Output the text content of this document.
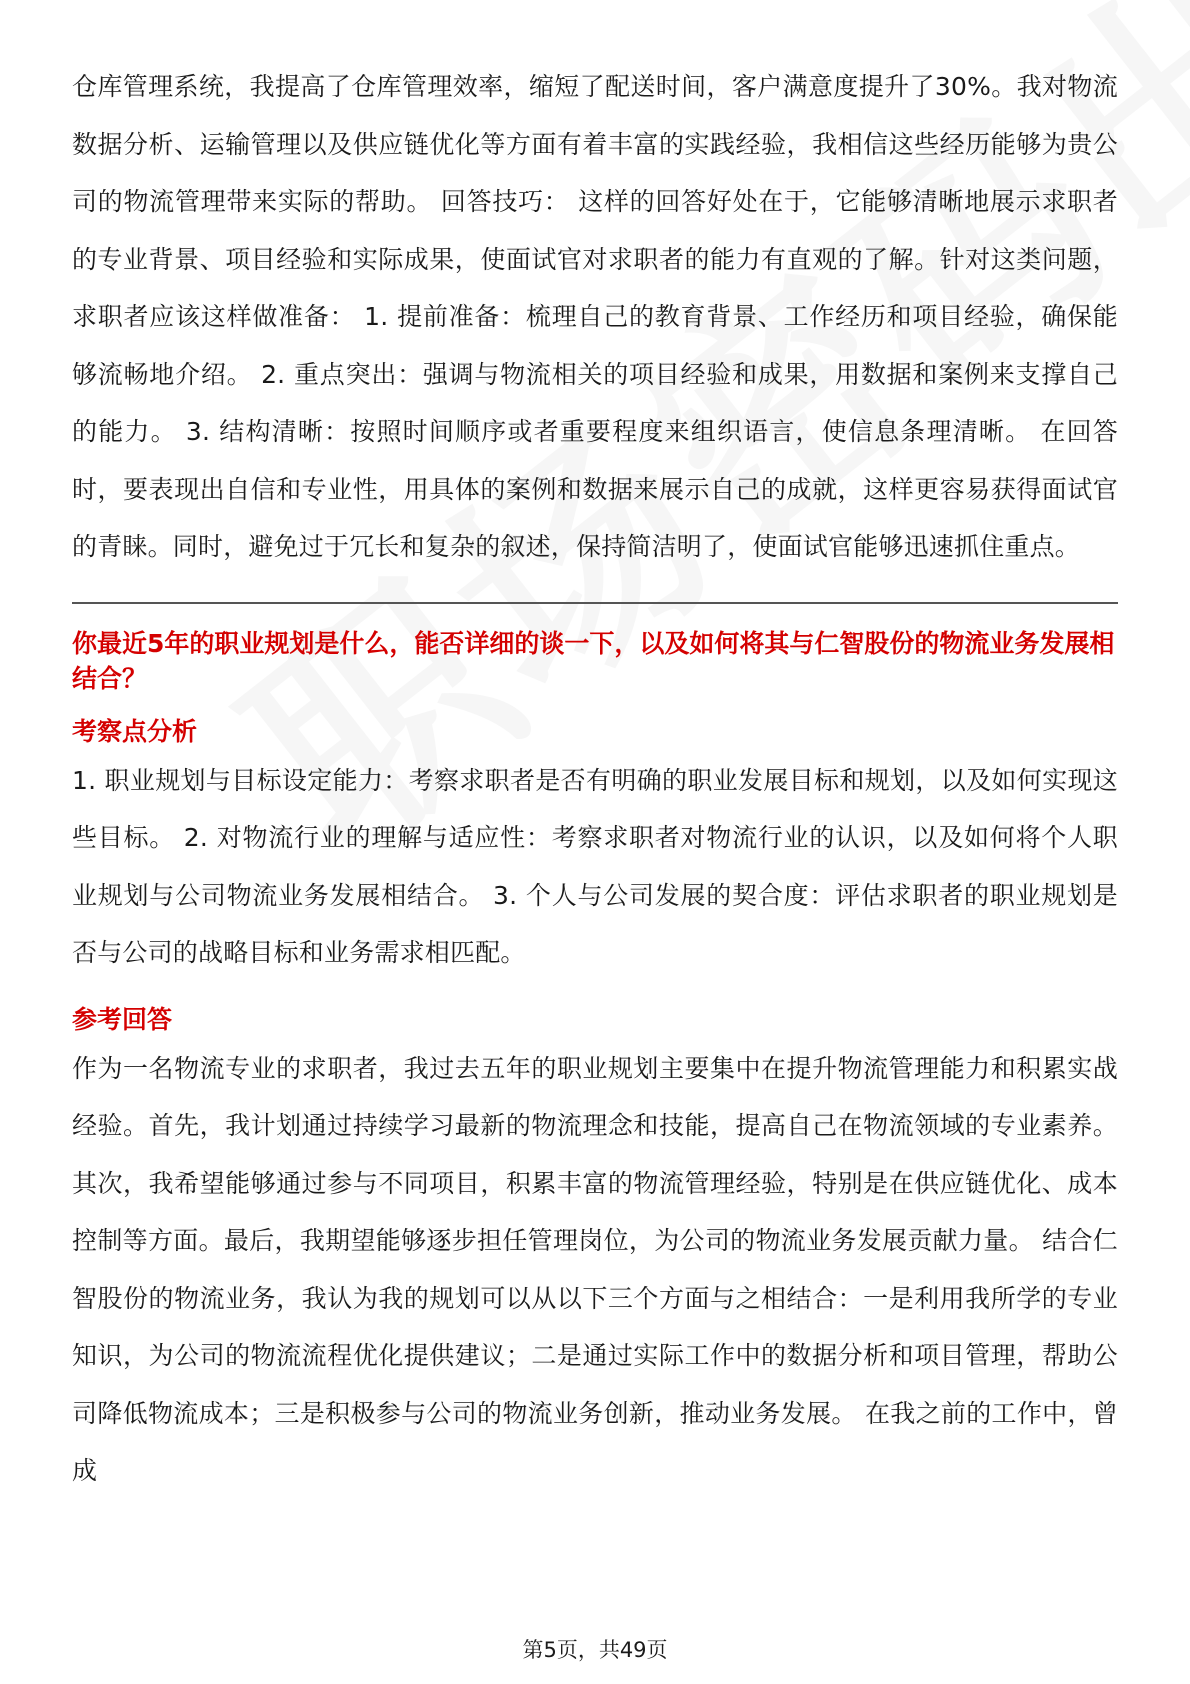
仓库管理系统，我提高了仓库管理效率，缩短了配送时间，客户满意度提升了30%。我对物流数据分析、运输管理以及供应链优化等方面有着丰富的实践经验，我相信这些经历能够为贵公司的物流管理带来实际的帮助。 回答技巧： 这样的回答好处在于，它能够清晰地展示求职者的专业背景、项目经验和实际成果，使面试官对求职者的能力有直观的了解。针对这类问题，求职者应该这样做准备： 1. 提前准备：梳理自己的教育背景、工作经历和项目经验，确保能够流畅地介绍。 2. 重点突出：强调与物流相关的项目经验和成果，用数据和案例来支撑自己的能力。 3. 结构清晰：按照时间顺序或者重要程度来组织语言，使信息条理清晰。 在回答时，要表现出自信和专业性，用具体的案例和数据来展示自己的成就，这样更容易获得面试官的青睐。同时，避免过于冗长和复杂的叙述，保持简洁明了，使面试官能够迅速抓住重点。

你最近5年的职业规划是什么，能否详细的谈一下，以及如何将其与仁智股份的物流业务发展相结合？

考察点分析

1. 职业规划与目标设定能力：考察求职者是否有明确的职业发展目标和规划，以及如何实现这些目标。 2. 对物流行业的理解与适应性：考察求职者对物流行业的认识，以及如何将个人职业规划与公司物流业务发展相结合。 3. 个人与公司发展的契合度：评估求职者的职业规划是否与公司的战略目标和业务需求相匹配。

参考回答

作为一名物流专业的求职者，我过去五年的职业规划主要集中在提升物流管理能力和积累实战经验。首先，我计划通过持续学习最新的物流理念和技能，提高自己在物流领域的专业素养。其次，我希望能够通过参与不同项目，积累丰富的物流管理经验，特别是在供应链优化、成本控制等方面。最后，我期望能够逐步担任管理岗位，为公司的物流业务发展贡献力量。 结合仁智股份的物流业务，我认为我的规划可以从以下三个方面与之相结合：一是利用我所学的专业知识，为公司的物流流程优化提供建议；二是通过实际工作中的数据分析和项目管理，帮助公司降低物流成本；三是积极参与公司的物流业务创新，推动业务发展。 在我之前的工作中，曾成

第5页，共49页
